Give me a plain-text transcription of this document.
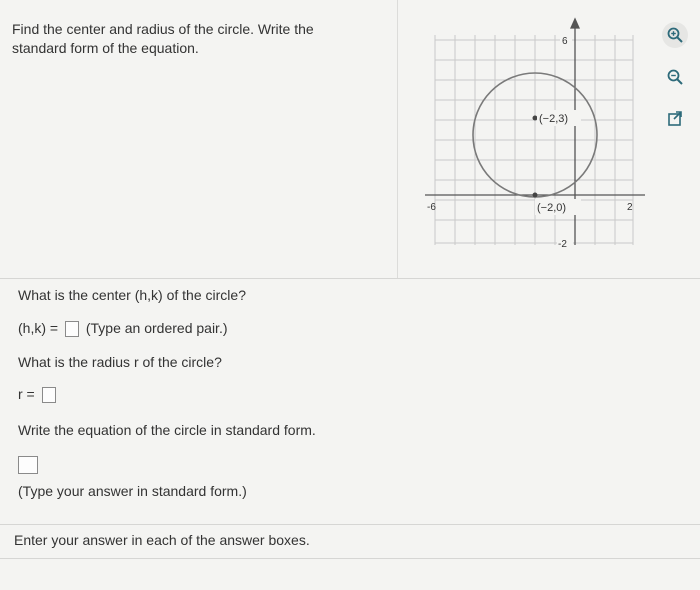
Find the center and radius of the circle. Write the standard form of the equation.
(−2,3)
(−2,0)
6
-2
-6	2
What is the center (h,k) of the circle?
(h,k) = (Type an ordered pair.)
What is the radius r of the circle?
r =
Write the equation of the circle in standard form.
(Type your answer in standard form.)
Enter your answer in each of the answer boxes.
